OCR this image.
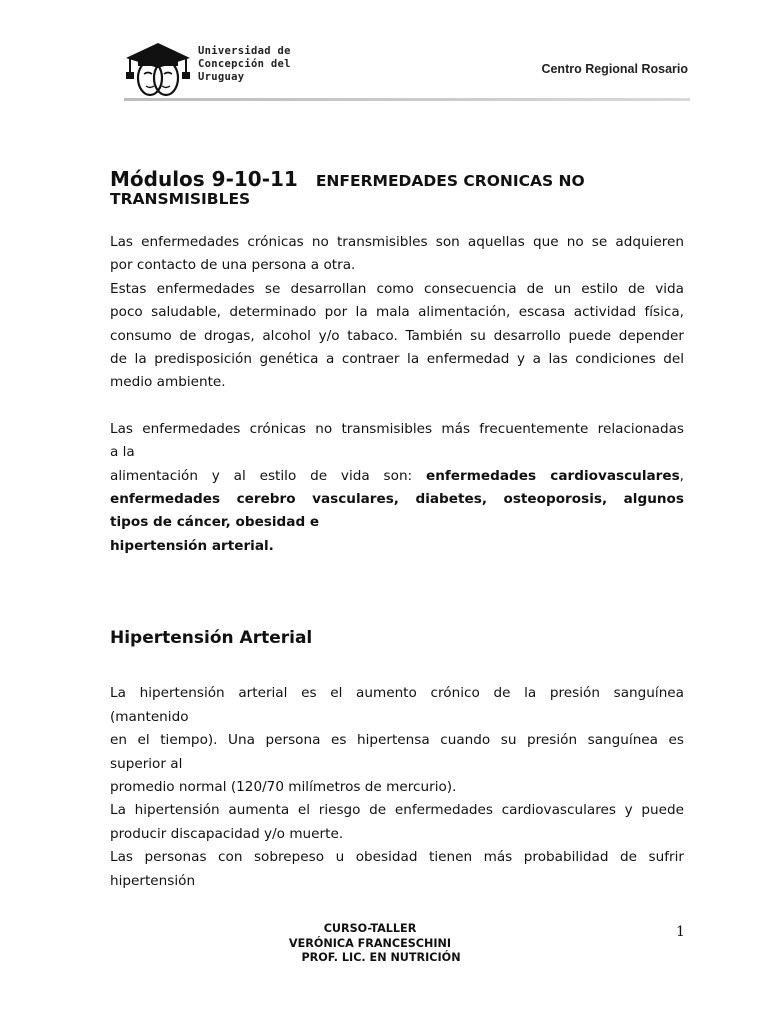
Universidad de
Concepción del
Uruguay
Centro Regional Rosario
Módulos 9-10-11 ENFERMEDADES CRONICAS NO
TRANSMISIBLES
Las enfermedades crónicas no transmisibles son aquellas que no se adquieren
por contacto de una persona a otra.
Estas enfermedades se desarrollan como consecuencia de un estilo de vida
poco saludable, determinado por la mala alimentación, escasa actividad física,
consumo de drogas, alcohol y/o tabaco. También su desarrollo puede depender
de la predisposición genética a contraer la enfermedad y a las condiciones del
medio ambiente.
Las enfermedades crónicas no transmisibles más frecuentemente relacionadas
a la
alimentación y al estilo de vida son: enfermedades cardiovasculares,
enfermedades cerebro vasculares, diabetes, osteoporosis, algunos
tipos de cáncer, obesidad e
hipertensión arterial.
Hipertensión Arterial
La hipertensión arterial es el aumento crónico de la presión sanguínea
(mantenido
en el tiempo). Una persona es hipertensa cuando su presión sanguínea es
superior al
promedio normal (120/70 milímetros de mercurio).
La hipertensión aumenta el riesgo de enfermedades cardiovasculares y puede
producir discapacidad y/o muerte.
Las personas con sobrepeso u obesidad tienen más probabilidad de sufrir
hipertensión
CURSO-TALLER
VERÓNICA FRANCESCHINI
PROF. LIC. EN NUTRICIÓN
1
